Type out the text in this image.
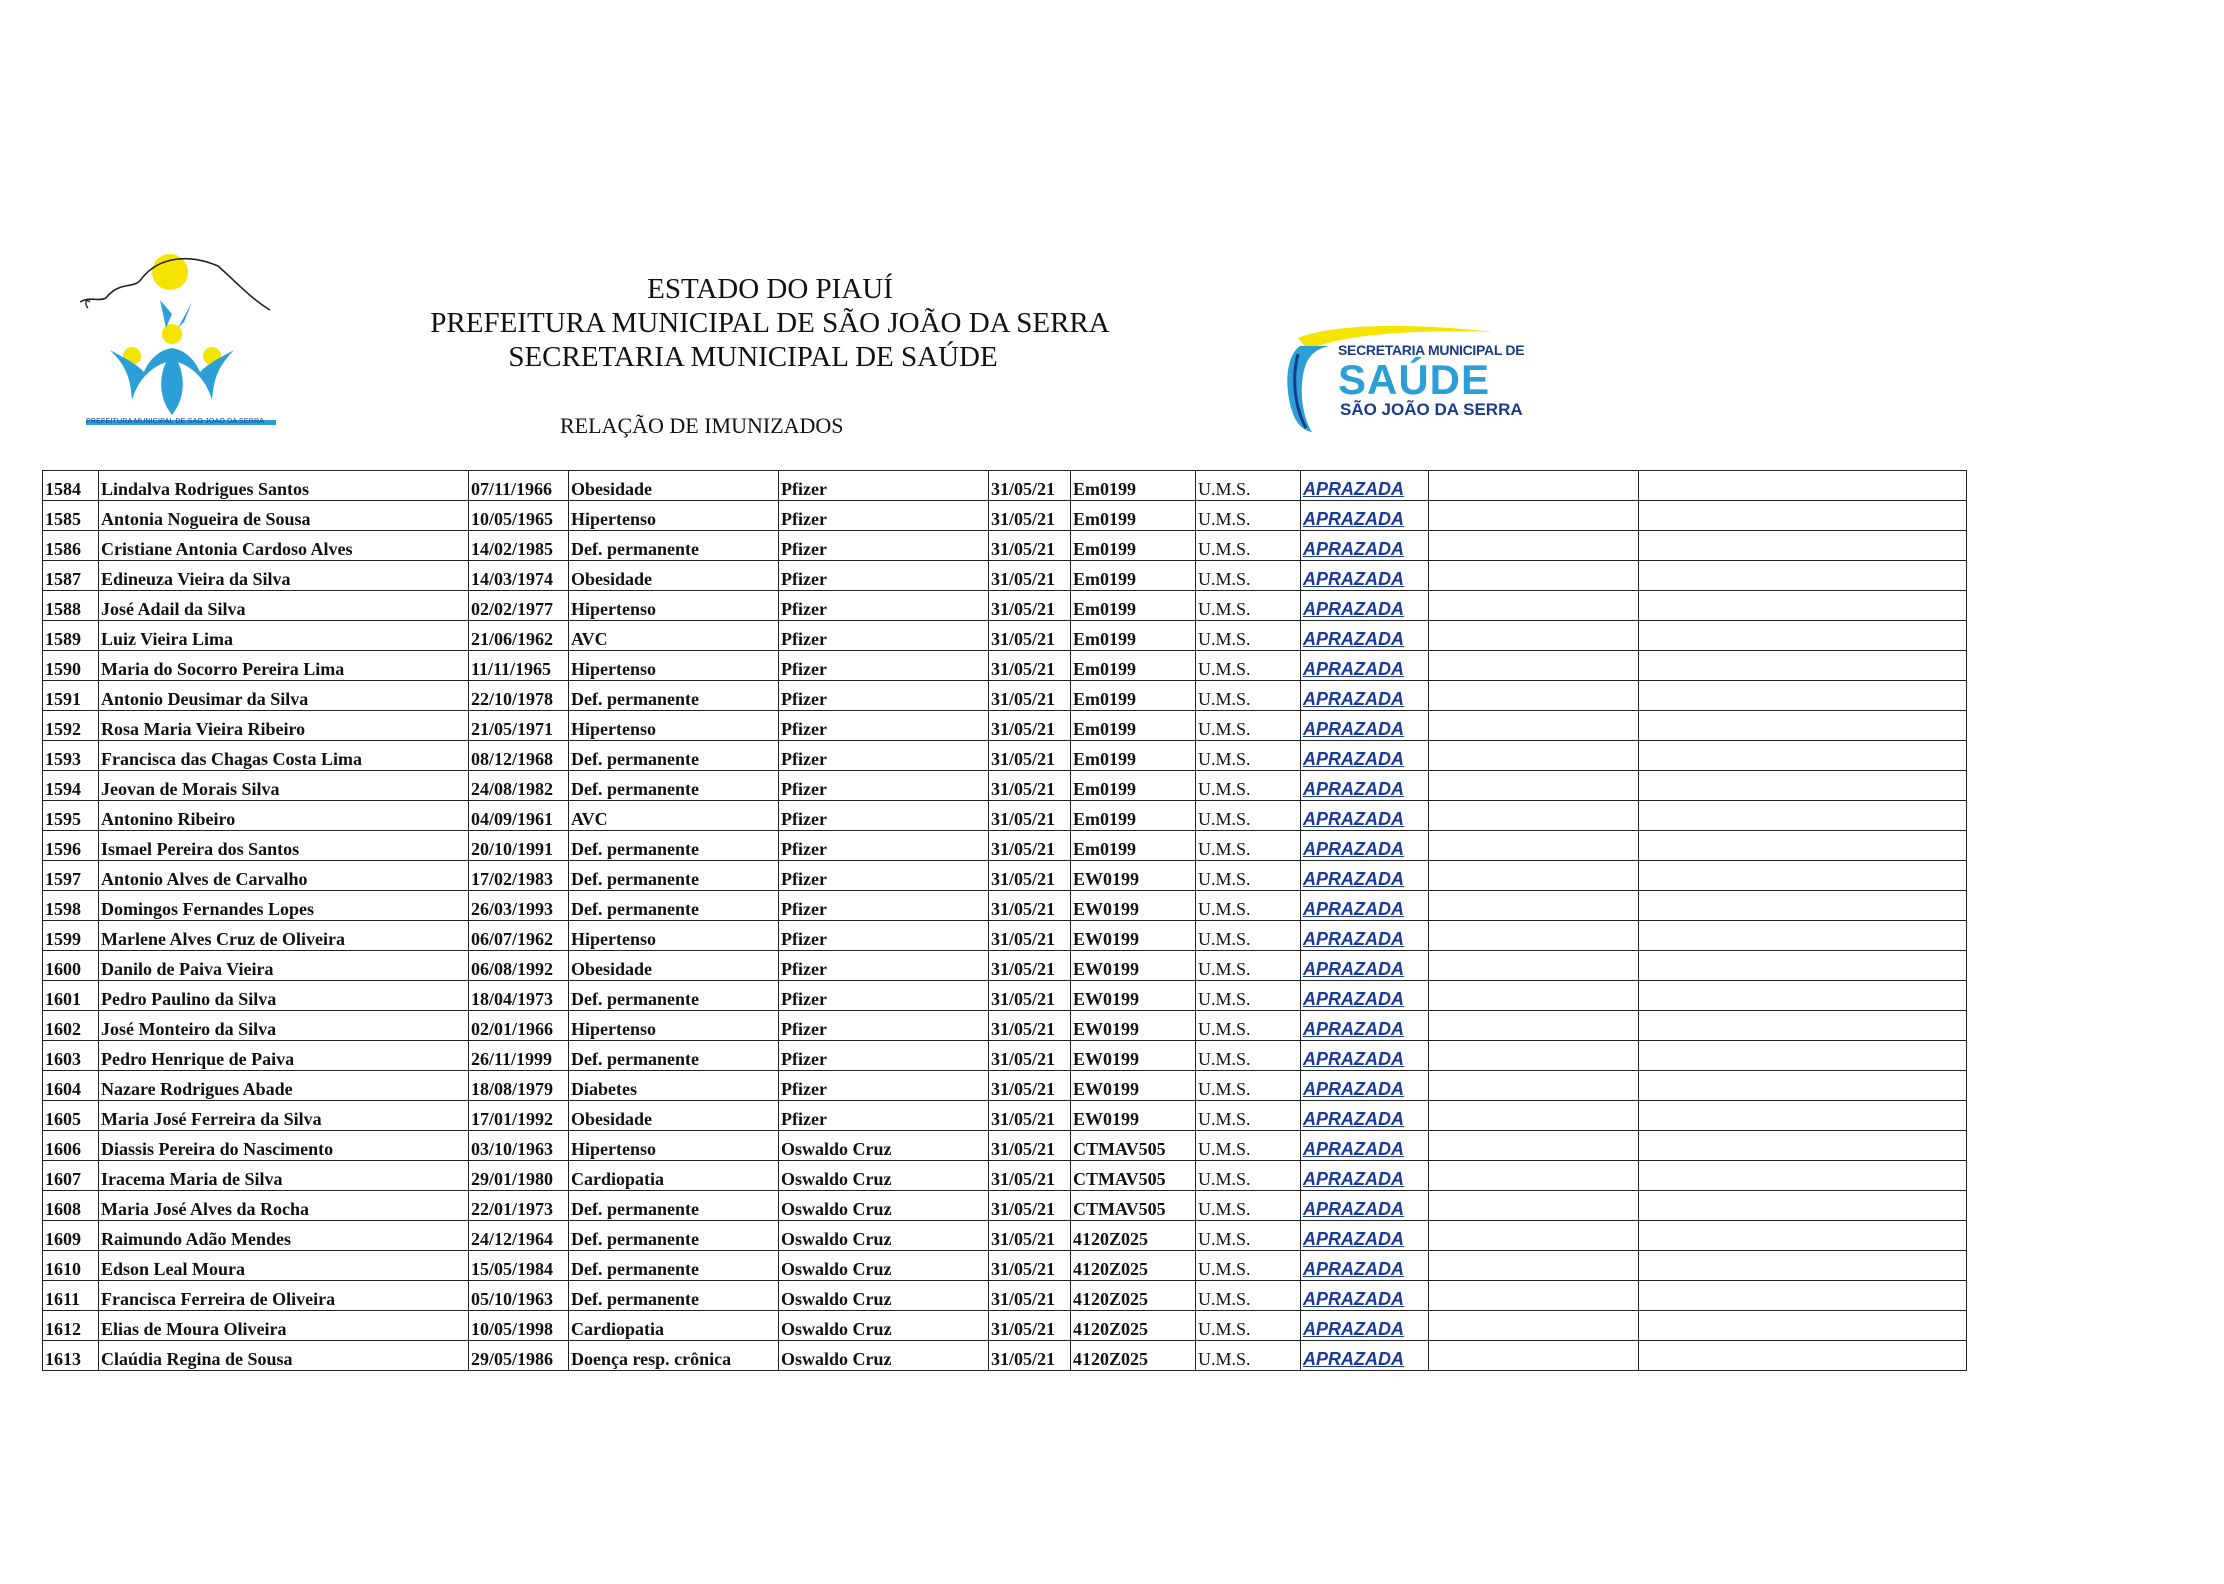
PREFEITURA MUNICIPAL DE SÃO JOÃO DA SERRA
ESTADO DO PIAUÍ
PREFEITURA MUNICIPAL DE SÃO JOÃO DA SERRA
SECRETARIA MUNICIPAL DE SAÚDE
RELAÇÃO DE IMUNIZADOS
SECRETARIA MUNICIPAL DE
SAÚDE
SÃO JOÃO DA SERRA
1584	Lindalva Rodrigues Santos	07/11/1966	Obesidade	Pfizer	31/05/21	Em0199	U.M.S.	APRAZADA		
1585	Antonia Nogueira de Sousa	10/05/1965	Hipertenso	Pfizer	31/05/21	Em0199	U.M.S.	APRAZADA		
1586	Cristiane Antonia Cardoso Alves	14/02/1985	Def. permanente	Pfizer	31/05/21	Em0199	U.M.S.	APRAZADA		
1587	Edineuza Vieira da Silva	14/03/1974	Obesidade	Pfizer	31/05/21	Em0199	U.M.S.	APRAZADA		
1588	José Adail da Silva	02/02/1977	Hipertenso	Pfizer	31/05/21	Em0199	U.M.S.	APRAZADA		
1589	Luiz Vieira Lima	21/06/1962	AVC	Pfizer	31/05/21	Em0199	U.M.S.	APRAZADA		
1590	Maria do Socorro Pereira Lima	11/11/1965	Hipertenso	Pfizer	31/05/21	Em0199	U.M.S.	APRAZADA		
1591	Antonio Deusimar da Silva	22/10/1978	Def. permanente	Pfizer	31/05/21	Em0199	U.M.S.	APRAZADA		
1592	Rosa Maria Vieira Ribeiro	21/05/1971	Hipertenso	Pfizer	31/05/21	Em0199	U.M.S.	APRAZADA		
1593	Francisca das Chagas Costa Lima	08/12/1968	Def. permanente	Pfizer	31/05/21	Em0199	U.M.S.	APRAZADA		
1594	Jeovan de Morais Silva	24/08/1982	Def. permanente	Pfizer	31/05/21	Em0199	U.M.S.	APRAZADA		
1595	Antonino Ribeiro	04/09/1961	AVC	Pfizer	31/05/21	Em0199	U.M.S.	APRAZADA		
1596	Ismael Pereira dos Santos	20/10/1991	Def. permanente	Pfizer	31/05/21	Em0199	U.M.S.	APRAZADA		
1597	Antonio Alves de Carvalho	17/02/1983	Def. permanente	Pfizer	31/05/21	EW0199	U.M.S.	APRAZADA		
1598	Domingos Fernandes Lopes	26/03/1993	Def. permanente	Pfizer	31/05/21	EW0199	U.M.S.	APRAZADA		
1599	Marlene Alves Cruz de Oliveira	06/07/1962	Hipertenso	Pfizer	31/05/21	EW0199	U.M.S.	APRAZADA		
1600	Danilo de Paiva Vieira	06/08/1992	Obesidade	Pfizer	31/05/21	EW0199	U.M.S.	APRAZADA		
1601	Pedro Paulino da Silva	18/04/1973	Def. permanente	Pfizer	31/05/21	EW0199	U.M.S.	APRAZADA		
1602	José Monteiro da Silva	02/01/1966	Hipertenso	Pfizer	31/05/21	EW0199	U.M.S.	APRAZADA		
1603	Pedro Henrique de Paiva	26/11/1999	Def. permanente	Pfizer	31/05/21	EW0199	U.M.S.	APRAZADA		
1604	Nazare Rodrigues Abade	18/08/1979	Diabetes	Pfizer	31/05/21	EW0199	U.M.S.	APRAZADA		
1605	Maria José Ferreira da Silva	17/01/1992	Obesidade	Pfizer	31/05/21	EW0199	U.M.S.	APRAZADA		
1606	Diassis Pereira do Nascimento	03/10/1963	Hipertenso	Oswaldo Cruz	31/05/21	CTMAV505	U.M.S.	APRAZADA		
1607	Iracema Maria de Silva	29/01/1980	Cardiopatia	Oswaldo Cruz	31/05/21	CTMAV505	U.M.S.	APRAZADA		
1608	Maria José Alves da Rocha	22/01/1973	Def. permanente	Oswaldo Cruz	31/05/21	CTMAV505	U.M.S.	APRAZADA		
1609	Raimundo Adão Mendes	24/12/1964	Def. permanente	Oswaldo Cruz	31/05/21	4120Z025	U.M.S.	APRAZADA		
1610	Edson Leal Moura	15/05/1984	Def. permanente	Oswaldo Cruz	31/05/21	4120Z025	U.M.S.	APRAZADA		
1611	Francisca Ferreira de Oliveira	05/10/1963	Def. permanente	Oswaldo Cruz	31/05/21	4120Z025	U.M.S.	APRAZADA		
1612	Elias de Moura Oliveira	10/05/1998	Cardiopatia	Oswaldo Cruz	31/05/21	4120Z025	U.M.S.	APRAZADA		
1613	Claúdia Regina de Sousa	29/05/1986	Doença resp. crônica	Oswaldo Cruz	31/05/21	4120Z025	U.M.S.	APRAZADA		
